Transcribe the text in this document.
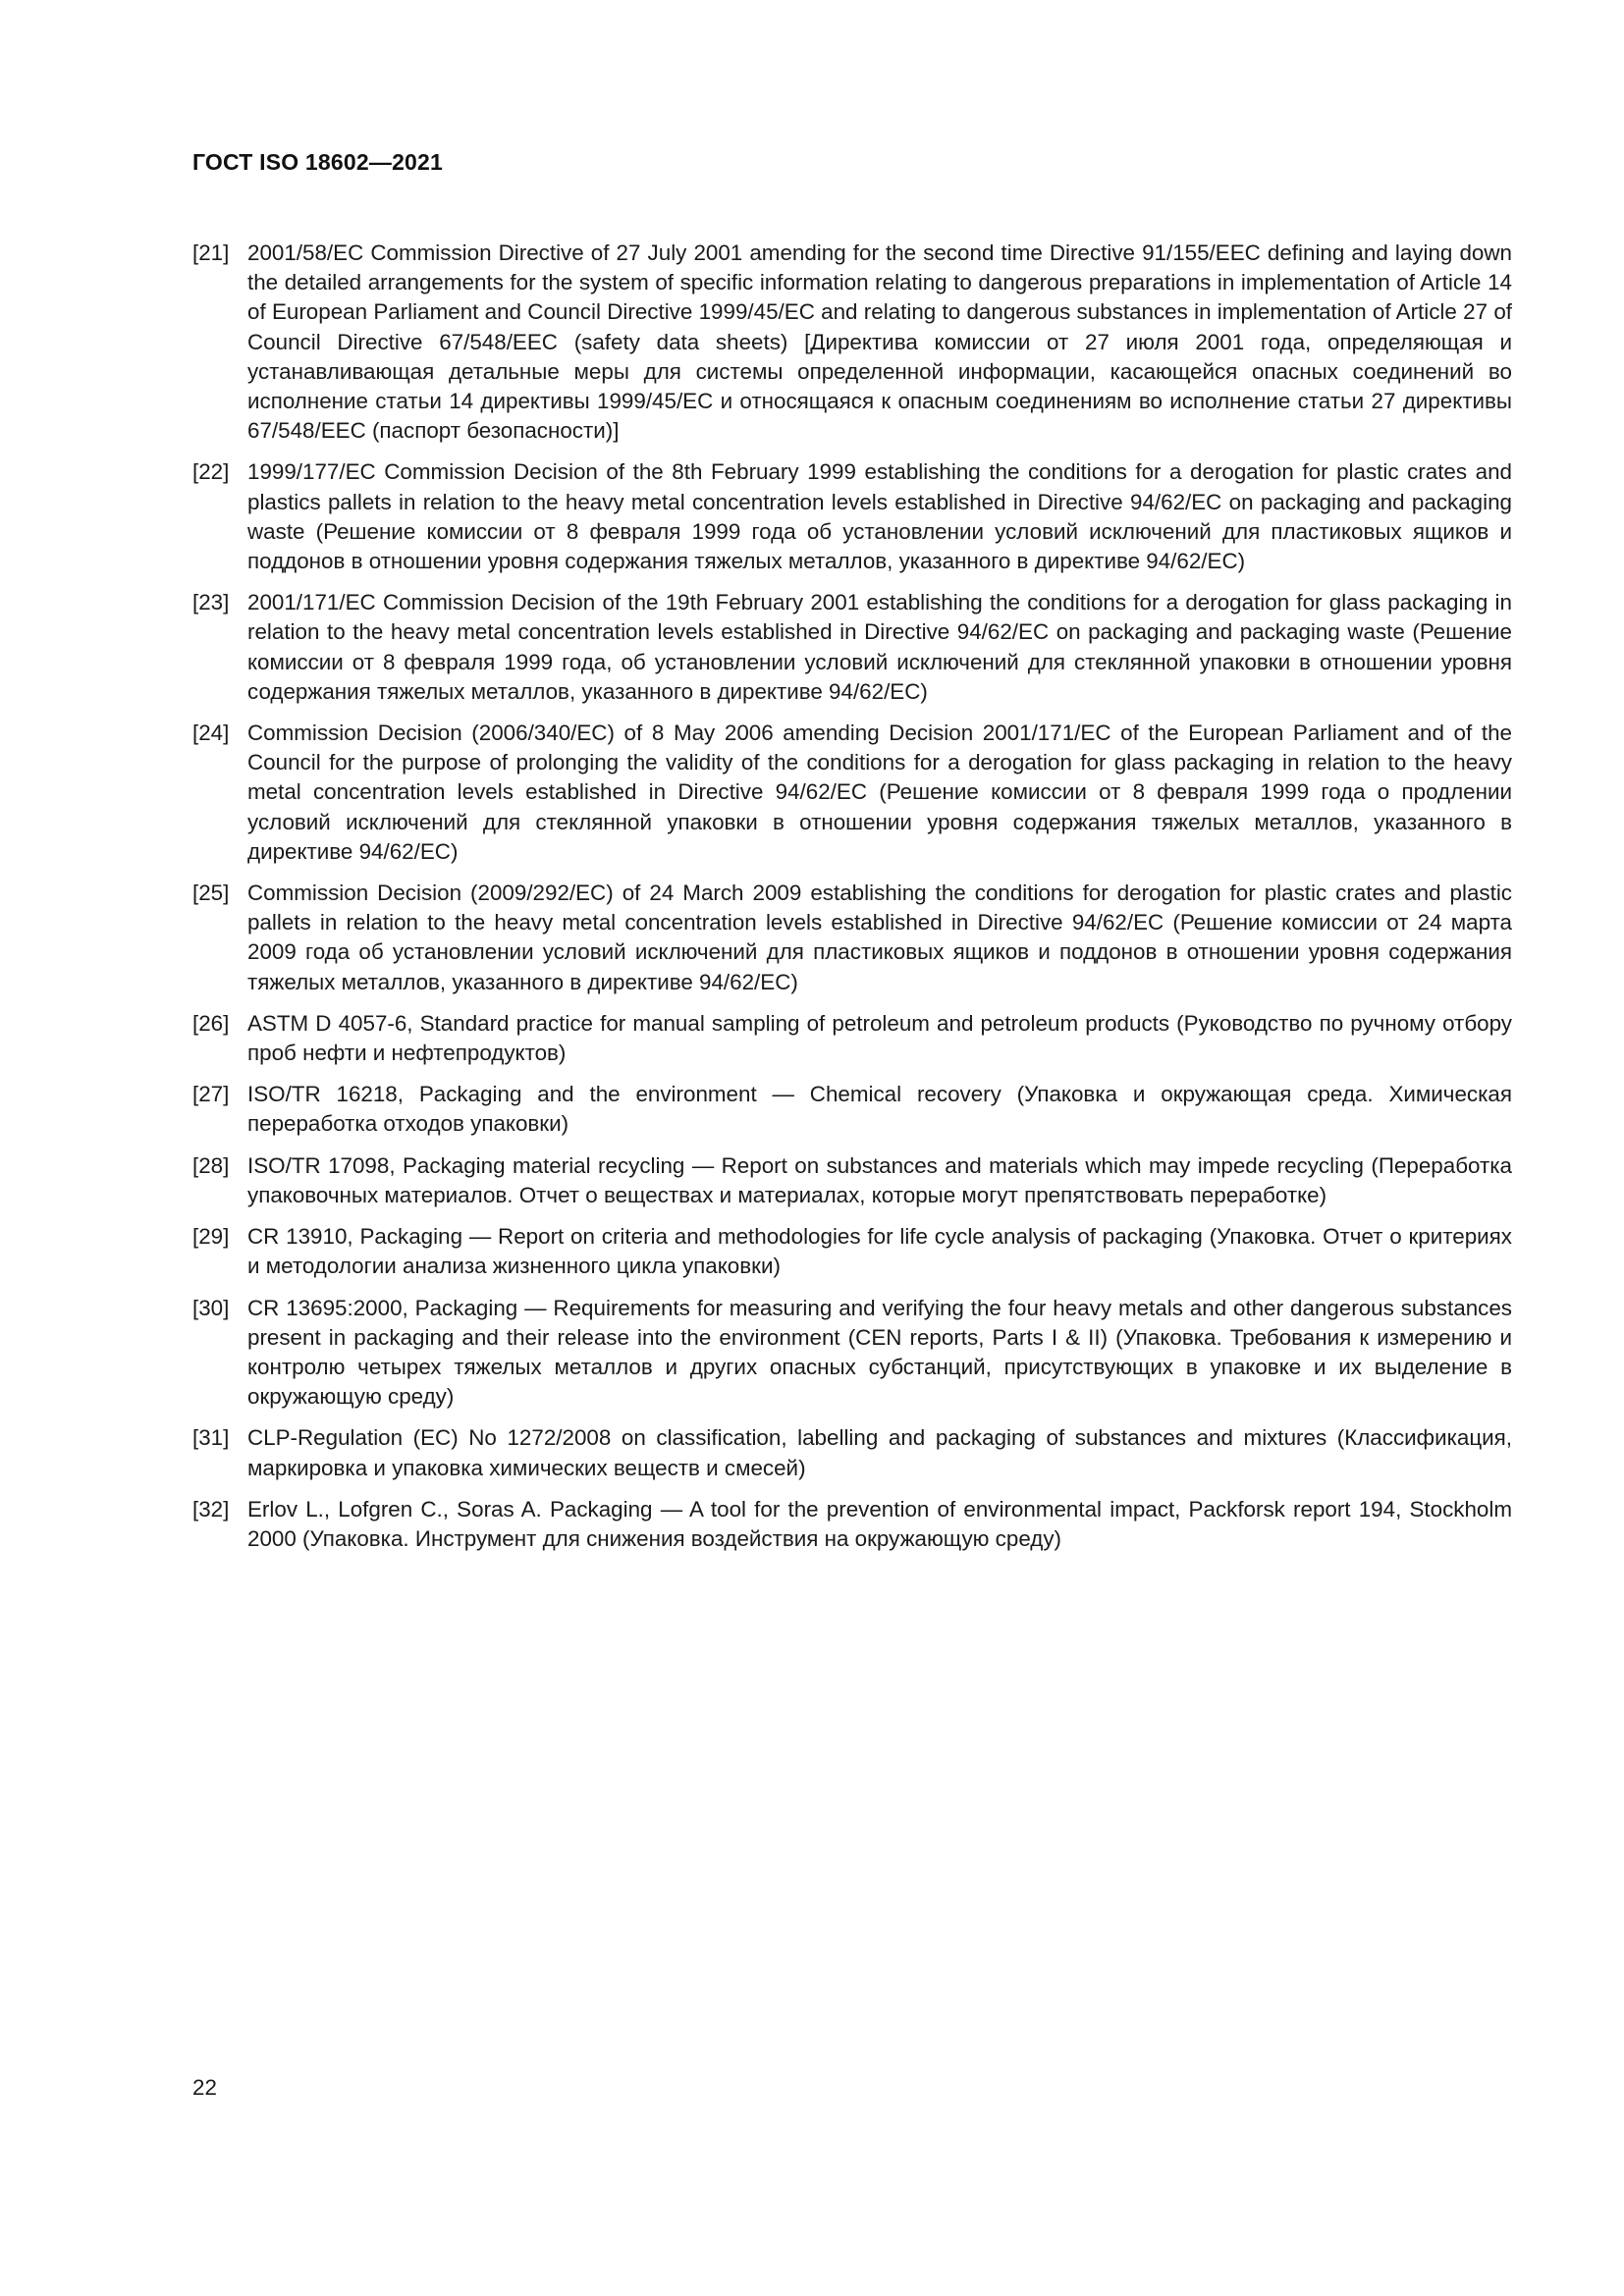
ГОСТ ISO 18602—2021
[21] 2001/58/EC Commission Directive of 27 July 2001 amending for the second time Directive 91/155/EEC defining and laying down the detailed arrangements for the system of specific information relating to dangerous preparations in implementation of Article 14 of European Parliament and Council Directive 1999/45/EC and relating to dangerous substances in implementation of Article 27 of Council Directive 67/548/EEC (safety data sheets) [Директива комиссии от 27 июля 2001 года, определяющая и устанавливающая детальные меры для системы определенной информации, касающейся опасных соединений во исполнение статьи 14 директивы 1999/45/EC и относящаяся к опасным соединениям во исполнение статьи 27 директивы 67/548/EEC (паспорт безопасности)]
[22] 1999/177/EC Commission Decision of the 8th February 1999 establishing the conditions for a derogation for plastic crates and plastics pallets in relation to the heavy metal concentration levels established in Directive 94/62/EC on packaging and packaging waste (Решение комиссии от 8 февраля 1999 года об установлении условий исключений для пластиковых ящиков и поддонов в отношении уровня содержания тяжелых металлов, указанного в директиве 94/62/EC)
[23] 2001/171/EC Commission Decision of the 19th February 2001 establishing the conditions for a derogation for glass packaging in relation to the heavy metal concentration levels established in Directive 94/62/EC on packaging and packaging waste (Решение комиссии от 8 февраля 1999 года, об установлении условий исключений для стеклянной упаковки в отношении уровня содержания тяжелых металлов, указанного в директиве 94/62/EC)
[24] Commission Decision (2006/340/EC) of 8 May 2006 amending Decision 2001/171/EC of the European Parliament and of the Council for the purpose of prolonging the validity of the conditions for a derogation for glass packaging in relation to the heavy metal concentration levels established in Directive 94/62/EC (Решение комиссии от 8 февраля 1999 года о продлении условий исключений для стеклянной упаковки в отношении уровня содержания тяжелых металлов, указанного в директиве 94/62/EC)
[25] Commission Decision (2009/292/EC) of 24 March 2009 establishing the conditions for derogation for plastic crates and plastic pallets in relation to the heavy metal concentration levels established in Directive 94/62/EC (Решение комиссии от 24 марта 2009 года об установлении условий исключений для пластиковых ящиков и поддонов в отношении уровня содержания тяжелых металлов, указанного в директиве 94/62/EC)
[26] ASTM D 4057-6, Standard practice for manual sampling of petroleum and petroleum products (Руководство по ручному отбору проб нефти и нефтепродуктов)
[27] ISO/TR 16218, Packaging and the environment — Chemical recovery (Упаковка и окружающая среда. Химическая переработка отходов упаковки)
[28] ISO/TR 17098, Packaging material recycling — Report on substances and materials which may impede recycling (Переработка упаковочных материалов. Отчет о веществах и материалах, которые могут препятствовать переработке)
[29] CR 13910, Packaging — Report on criteria and methodologies for life cycle analysis of packaging (Упаковка. Отчет о критериях и методологии анализа жизненного цикла упаковки)
[30] CR 13695:2000, Packaging — Requirements for measuring and verifying the four heavy metals and other dangerous substances present in packaging and their release into the environment (CEN reports, Parts I & II) (Упаковка. Требования к измерению и контролю четырех тяжелых металлов и других опасных субстанций, присутствующих в упаковке и их выделение в окружающую среду)
[31] CLP-Regulation (EC) No 1272/2008 on classification, labelling and packaging of substances and mixtures (Классификация, маркировка и упаковка химических веществ и смесей)
[32] Erlov L., Lofgren C., Soras A. Packaging — A tool for the prevention of environmental impact, Packforsk report 194, Stockholm 2000 (Упаковка. Инструмент для снижения воздействия на окружающую среду)
22
